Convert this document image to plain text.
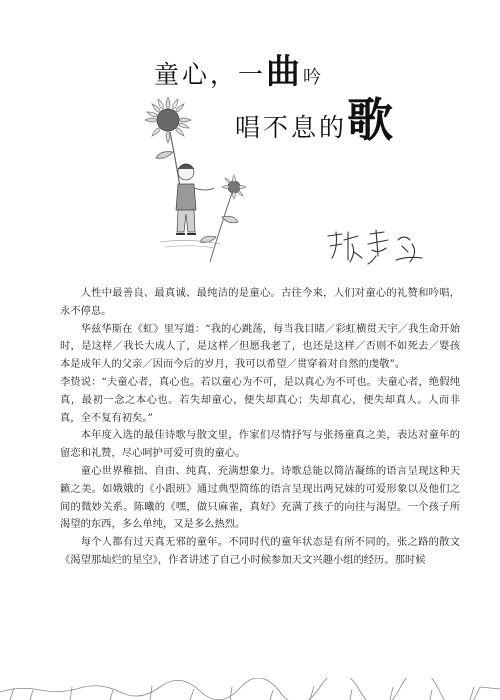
童心，一曲吟
唱不息的歌

人性中最善良、最真诚、最纯洁的是童心。古往今来，人们对童心的礼赞和吟唱，永不停息。

华兹华斯在《虹》里写道：“我的心跳荡，每当我目睹／彩虹横贯天宇／我生命开始时，是这样／我长大成人了，是这样／但愿我老了，也还是这样／否则不如死去／婴孩本是成年人的父亲／因而今后的岁月，我可以希望／贯穿着对自然的虔敬”。

李贽说：“夫童心者，真心也。若以童心为不可，是以真心为不可也。夫童心者，绝假纯真，最初一念之本心也。若失却童心，便失却真心；失却真心，便失却真人。人而非真，全不复有初矣。”

本年度入选的最佳诗歌与散文里，作家们尽情抒写与张扬童真之美，表达对童年的留恋和礼赞，尽心呵护可爱可贵的童心。

童心世界稚拙、自由、纯真、充满想象力。诗歌总能以简洁凝练的语言呈现这种天籁之美。如娥娥的《小跟班》通过典型简练的语言呈现出两兄妹的可爱形象以及他们之间的微妙关系。陈曦的《嘿，做只麻雀，真好》充满了孩子的向往与渴望。一个孩子所渴望的东西，多么单纯，又是多么热烈。

每个人都有过天真无邪的童年。不同时代的童年状态是有所不同的。张之路的散文《渴望那灿烂的星空》，作者讲述了自己小时候参加天文兴趣小组的经历。那时候
